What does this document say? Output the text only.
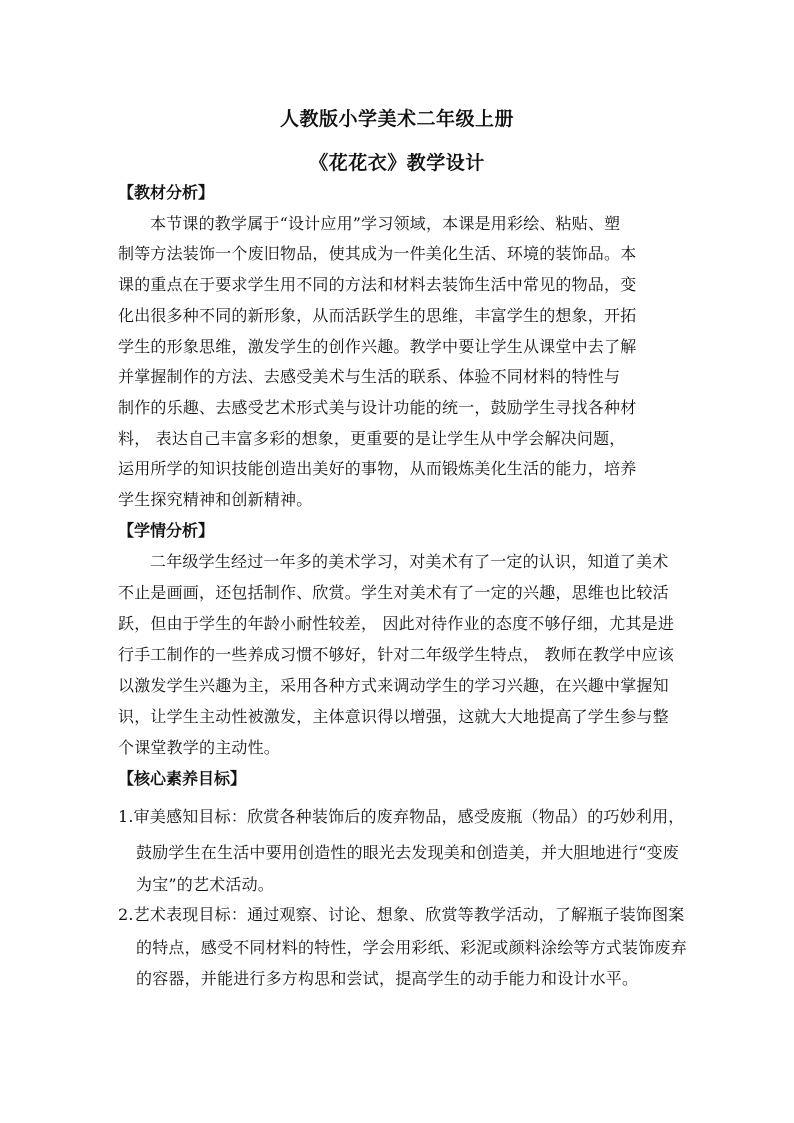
人教版小学美术二年级上册
《花花衣》教学设计
【教材分析】
本节课的教学属于“设计应用”学习领域，本课是用彩绘、粘贴、塑
制等方法装饰一个废旧物品，使其成为一件美化生活、环境的装饰品。本
课的重点在于要求学生用不同的方法和材料去装饰生活中常见的物品，变
化出很多种不同的新形象，从而活跃学生的思维，丰富学生的想象，开拓
学生的形象思维，激发学生的创作兴趣。教学中要让学生从课堂中去了解
并掌握制作的方法、去感受美术与生活的联系、体验不同材料的特性与
制作的乐趣、去感受艺术形式美与设计功能的统一，鼓励学生寻找各种材
料， 表达自己丰富多彩的想象，更重要的是让学生从中学会解决问题，
运用所学的知识技能创造出美好的事物，从而锻炼美化生活的能力，培养
学生探究精神和创新精神。
【学情分析】
二年级学生经过一年多的美术学习，对美术有了一定的认识，知道了美术
不止是画画，还包括制作、欣赏。学生对美术有了一定的兴趣，思维也比较活
跃，但由于学生的年龄小耐性较差， 因此对待作业的态度不够仔细，尤其是进
行手工制作的一些养成习惯不够好，针对二年级学生特点， 教师在教学中应该
以激发学生兴趣为主，采用各种方式来调动学生的学习兴趣，在兴趣中掌握知
识，让学生主动性被激发，主体意识得以增强，这就大大地提高了学生参与整
个课堂教学的主动性。
【核心素养目标】
1.审美感知目标：欣赏各种装饰后的废弃物品，感受废瓶（物品）的巧妙利用，
鼓励学生在生活中要用创造性的眼光去发现美和创造美，并大胆地进行“变废
为宝”的艺术活动。
2.艺术表现目标：通过观察、讨论、想象、欣赏等教学活动，了解瓶子装饰图案
的特点，感受不同材料的特性，学会用彩纸、彩泥或颜料涂绘等方式装饰废弃
的容器，并能进行多方构思和尝试，提高学生的动手能力和设计水平。
